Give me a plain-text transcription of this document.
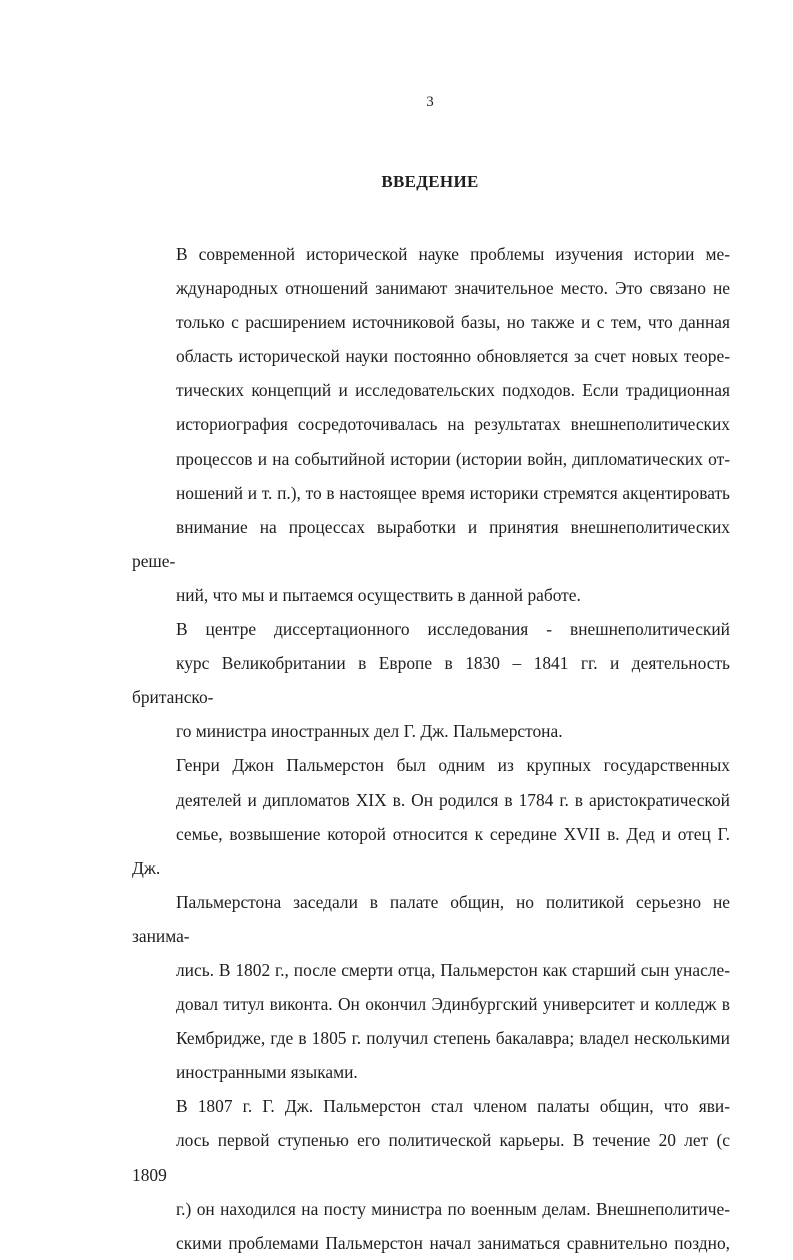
3
ВВЕДЕНИЕ

В современной исторической науке проблемы изучения истории ме-
ждународных отношений занимают значительное место. Это связано не
только с расширением источниковой базы, но также и с тем, что данная
область исторической науки постоянно обновляется за счет новых теоре-
тических концепций и исследовательских подходов. Если традиционная
историография сосредоточивалась на результатах внешнеполитических
процессов и на событийной истории (истории войн, дипломатических от-
ношений и т. п.), то в настоящее время историки стремятся акцентировать
внимание на процессах выработки и принятия внешнеполитических реше-
ний, что мы и пытаемся осуществить в данной работе.

В центре диссертационного исследования - внешнеполитический
курс Великобритании в Европе в 1830 – 1841 гг. и деятельность британско-
го министра иностранных дел Г. Дж. Пальмерстона.

Генри Джон Пальмерстон был одним из крупных государственных
деятелей и дипломатов XIX в. Он родился в 1784 г. в аристократической
семье, возвышение которой относится к середине XVII в. Дед и отец Г. Дж.
Пальмерстона заседали в палате общин, но политикой серьезно не занима-
лись. В 1802 г., после смерти отца, Пальмерстон как старший сын унасле-
довал титул виконта. Он окончил Эдинбургский университет и колледж в
Кембридже, где в 1805 г. получил степень бакалавра; владел несколькими
иностранными языками.

В 1807 г. Г. Дж. Пальмерстон стал членом палаты общин, что яви-
лось первой ступенью его политической карьеры. В течение 20 лет (с 1809
г.) он находился на посту министра по военным делам. Внешнеполитиче-
скими проблемами Пальмерстон начал заниматься сравнительно поздно,
